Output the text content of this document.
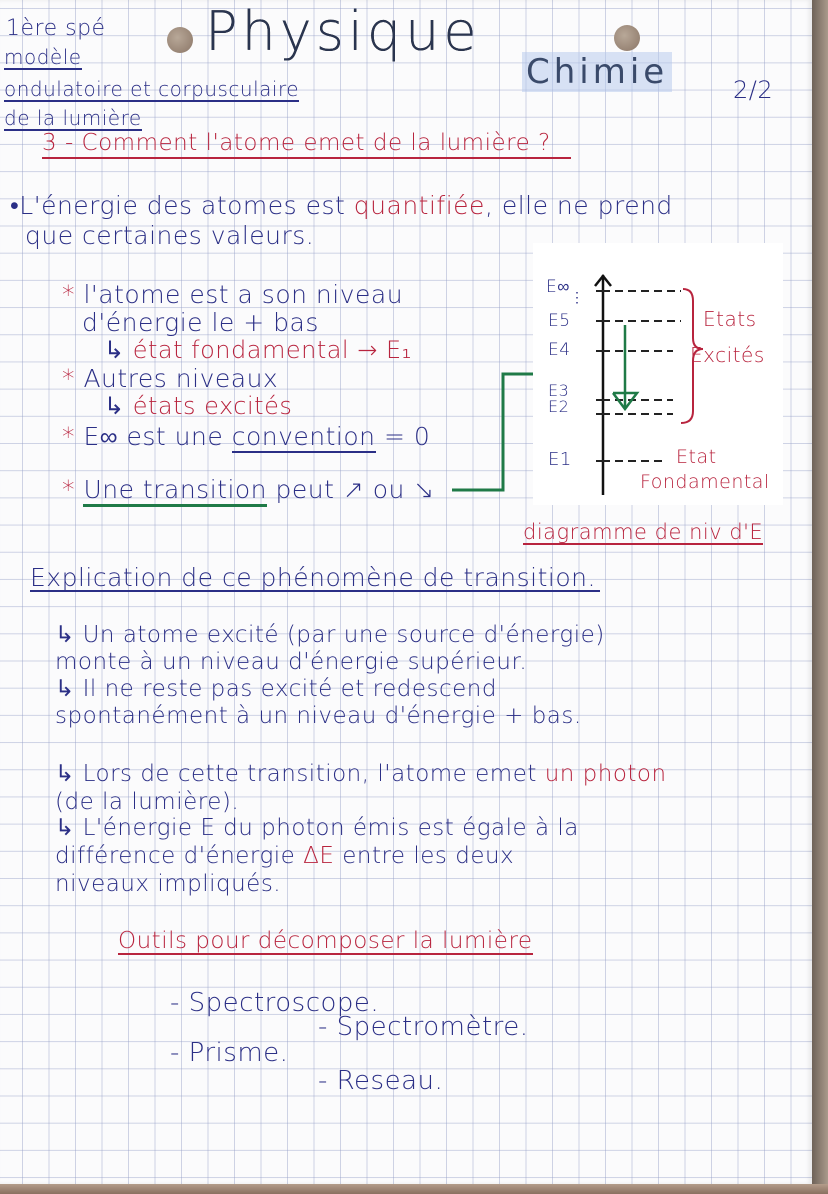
1ère spé
modèle
ondulatoire et corpusculaire
de la lumière
Physique
Chimie	2/2
3 - Comment l'atome emet de la lumière ?
•L'énergie des atomes est quantifiée, elle ne prend
que certaines valeurs.
* l'atome est a son niveau
d'énergie le + bas
↳ état fondamental → E₁
* Autres niveaux
↳ états excités
* E∞ est une convention = 0
* Une transition peut ↗ ou ↘
E∞
⋮
E5
E4
E3
E2
E1
Etats
Excités
Etat
Fondamental
diagramme de niv d'E
Explication de ce phénomène de transition.
↳ Un atome excité (par une source d'énergie)
monte à un niveau d'énergie supérieur.
↳ Il ne reste pas excité et redescend
spontanément à un niveau d'énergie + bas.
↳ Lors de cette transition, l'atome emet un photon
(de la lumière).
↳ L'énergie E du photon émis est égale à la
différence d'énergie ΔE entre les deux
niveaux impliqués.
Outils pour décomposer la lumière
- Spectroscope.
- Spectromètre.
- Prisme.
- Reseau.
